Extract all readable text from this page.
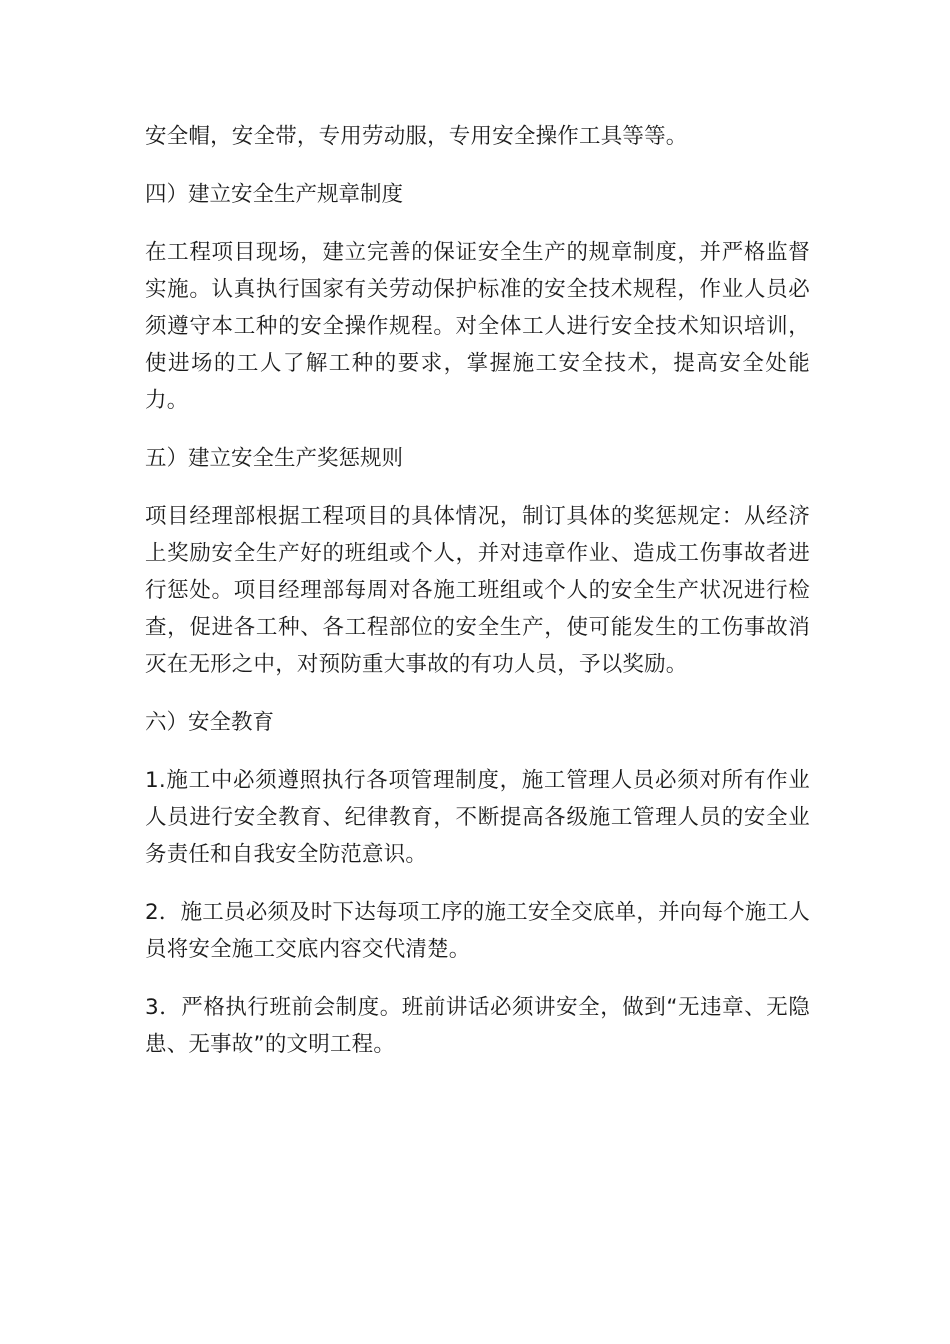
安全帽，安全带，专用劳动服，专用安全操作工具等等。

四）建立安全生产规章制度

在工程项目现场，建立完善的保证安全生产的规章制度，并严格监督实施。认真执行国家有关劳动保护标准的安全技术规程，作业人员必须遵守本工种的安全操作规程。对全体工人进行安全技术知识培训，使进场的工人了解工种的要求，掌握施工安全技术，提高安全处能力。

五）建立安全生产奖惩规则

项目经理部根据工程项目的具体情况，制订具体的奖惩规定：从经济上奖励安全生产好的班组或个人，并对违章作业、造成工伤事故者进行惩处。项目经理部每周对各施工班组或个人的安全生产状况进行检查，促进各工种、各工程部位的安全生产，使可能发生的工伤事故消灭在无形之中，对预防重大事故的有功人员，予以奖励。

六）安全教育

1.施工中必须遵照执行各项管理制度，施工管理人员必须对所有作业人员进行安全教育、纪律教育，不断提高各级施工管理人员的安全业务责任和自我安全防范意识。

2．施工员必须及时下达每项工序的施工安全交底单，并向每个施工人员将安全施工交底内容交代清楚。

3．严格执行班前会制度。班前讲话必须讲安全，做到“无违章、无隐患、无事故”的文明工程。
